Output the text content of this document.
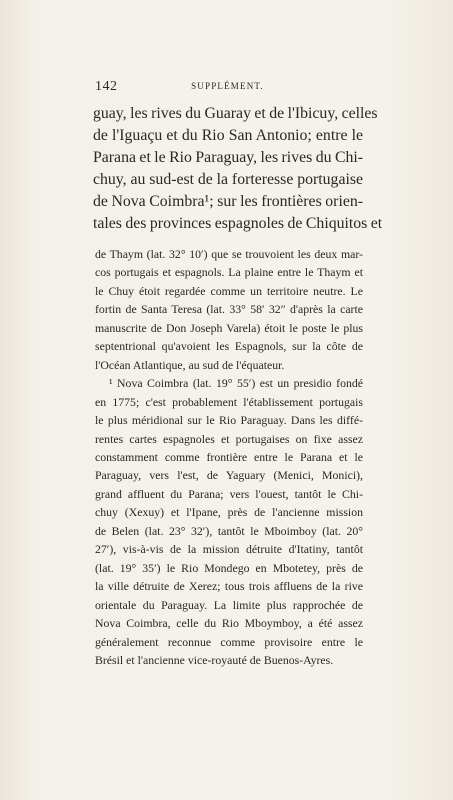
142	SUPPLÉMENT.
guay, les rives du Guaray et de l'Ibicuy, celles
de l'Iguaçu et du Rio San Antonio; entre le
Parana et le Rio Paraguay, les rives du Chi-
chuy, au sud-est de la forteresse portugaise
de Nova Coimbra¹; sur les frontières orien-
tales des provinces espagnoles de Chiquitos et
de Thaym (lat. 32° 10′) que se trouvoient les deux mar-
cos portugais et espagnols. La plaine entre le Thaym et
le Chuy étoit regardée comme un territoire neutre. Le
fortin de Santa Teresa (lat. 33° 58′ 32″ d'après la carte
manuscrite de Don Joseph Varela) étoit le poste le plus
septentrional qu'avoient les Espagnols, sur la côte de
l'Océan Atlantique, au sud de l'équateur.
¹ Nova Coimbra (lat. 19° 55′) est un presidio fondé
en 1775; c'est probablement l'établissement portugais
le plus méridional sur le Rio Paraguay. Dans les diffé-
rentes cartes espagnoles et portugaises on fixe assez
constamment comme frontière entre le Parana et le
Paraguay, vers l'est, de Yaguary (Menici, Monici),
grand affluent du Parana; vers l'ouest, tantôt le Chi-
chuy (Xexuy) et l'Ipane, près de l'ancienne mission
de Belen (lat. 23° 32′), tantôt le Mboimboy (lat. 20°
27′), vis-à-vis de la mission détruite d'Itatiny, tantôt
(lat. 19° 35′) le Rio Mondego en Mbotetey, près de
la ville détruite de Xerez; tous trois affluens de la rive
orientale du Paraguay. La limite plus rapprochée de
Nova Coimbra, celle du Rio Mboymboy, a été assez
généralement reconnue comme provisoire entre le
Brésil et l'ancienne vice-royauté de Buenos-Ayres.
